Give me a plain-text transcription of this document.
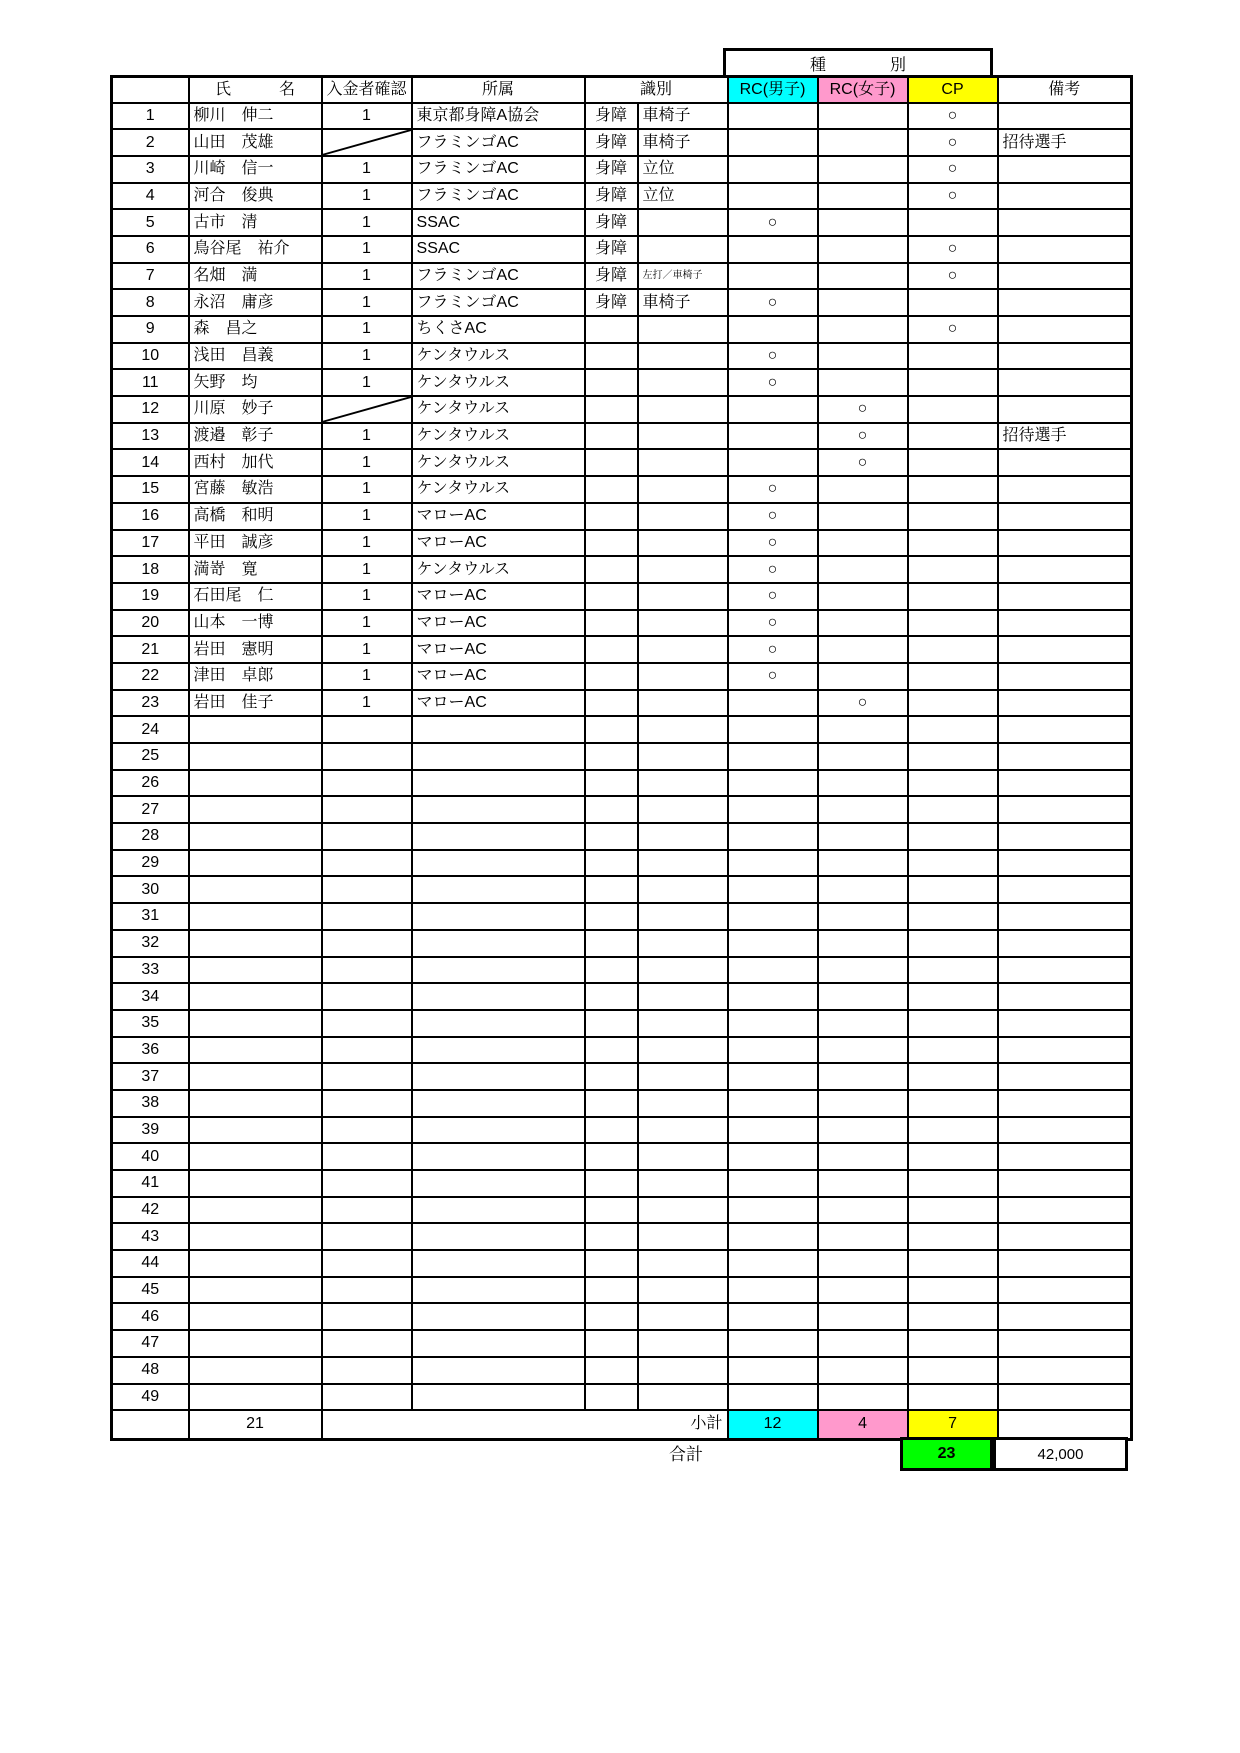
種　　　　別
	氏　　　名	入金者確認	所属	識別		RC(男子)	RC(女子)	CP	備考
1	柳川　伸二	1	東京都身障A協会	身障	車椅子			○	
2	山田　茂雄		フラミンゴAC	身障	車椅子			○	招待選手
3	川崎　信一	1	フラミンゴAC	身障	立位			○	
4	河合　俊典	1	フラミンゴAC	身障	立位			○	
5	古市　清	1	SSAC	身障		○			
6	鳥谷尾　祐介	1	SSAC	身障				○	
7	名畑　満	1	フラミンゴAC	身障	左打／車椅子			○	
8	永沼　庸彦	1	フラミンゴAC	身障	車椅子	○			
9	森　昌之	1	ちくさAC					○	
10	浅田　昌義	1	ケンタウルス			○			
11	矢野　均	1	ケンタウルス			○			
12	川原　妙子		ケンタウルス				○		
13	渡邉　彰子	1	ケンタウルス				○		招待選手
14	西村　加代	1	ケンタウルス				○		
15	宮藤　敏浩	1	ケンタウルス			○			
16	高橋　和明	1	マローAC			○			
17	平田　誠彦	1	マローAC			○			
18	満嵜　寛	1	ケンタウルス			○			
19	石田尾　仁	1	マローAC			○			
20	山本　一博	1	マローAC			○			
21	岩田　憲明	1	マローAC			○			
22	津田　卓郎	1	マローAC			○			
23	岩田　佳子	1	マローAC				○		
24									
25									
26									
27									
28									
29									
30									
31									
32									
33									
34									
35									
36									
37									
38									
39									
40									
41									
42									
43									
44									
45									
46									
47									
48									
49									
	21	小計				12	4	7	
合計	23	42,000
